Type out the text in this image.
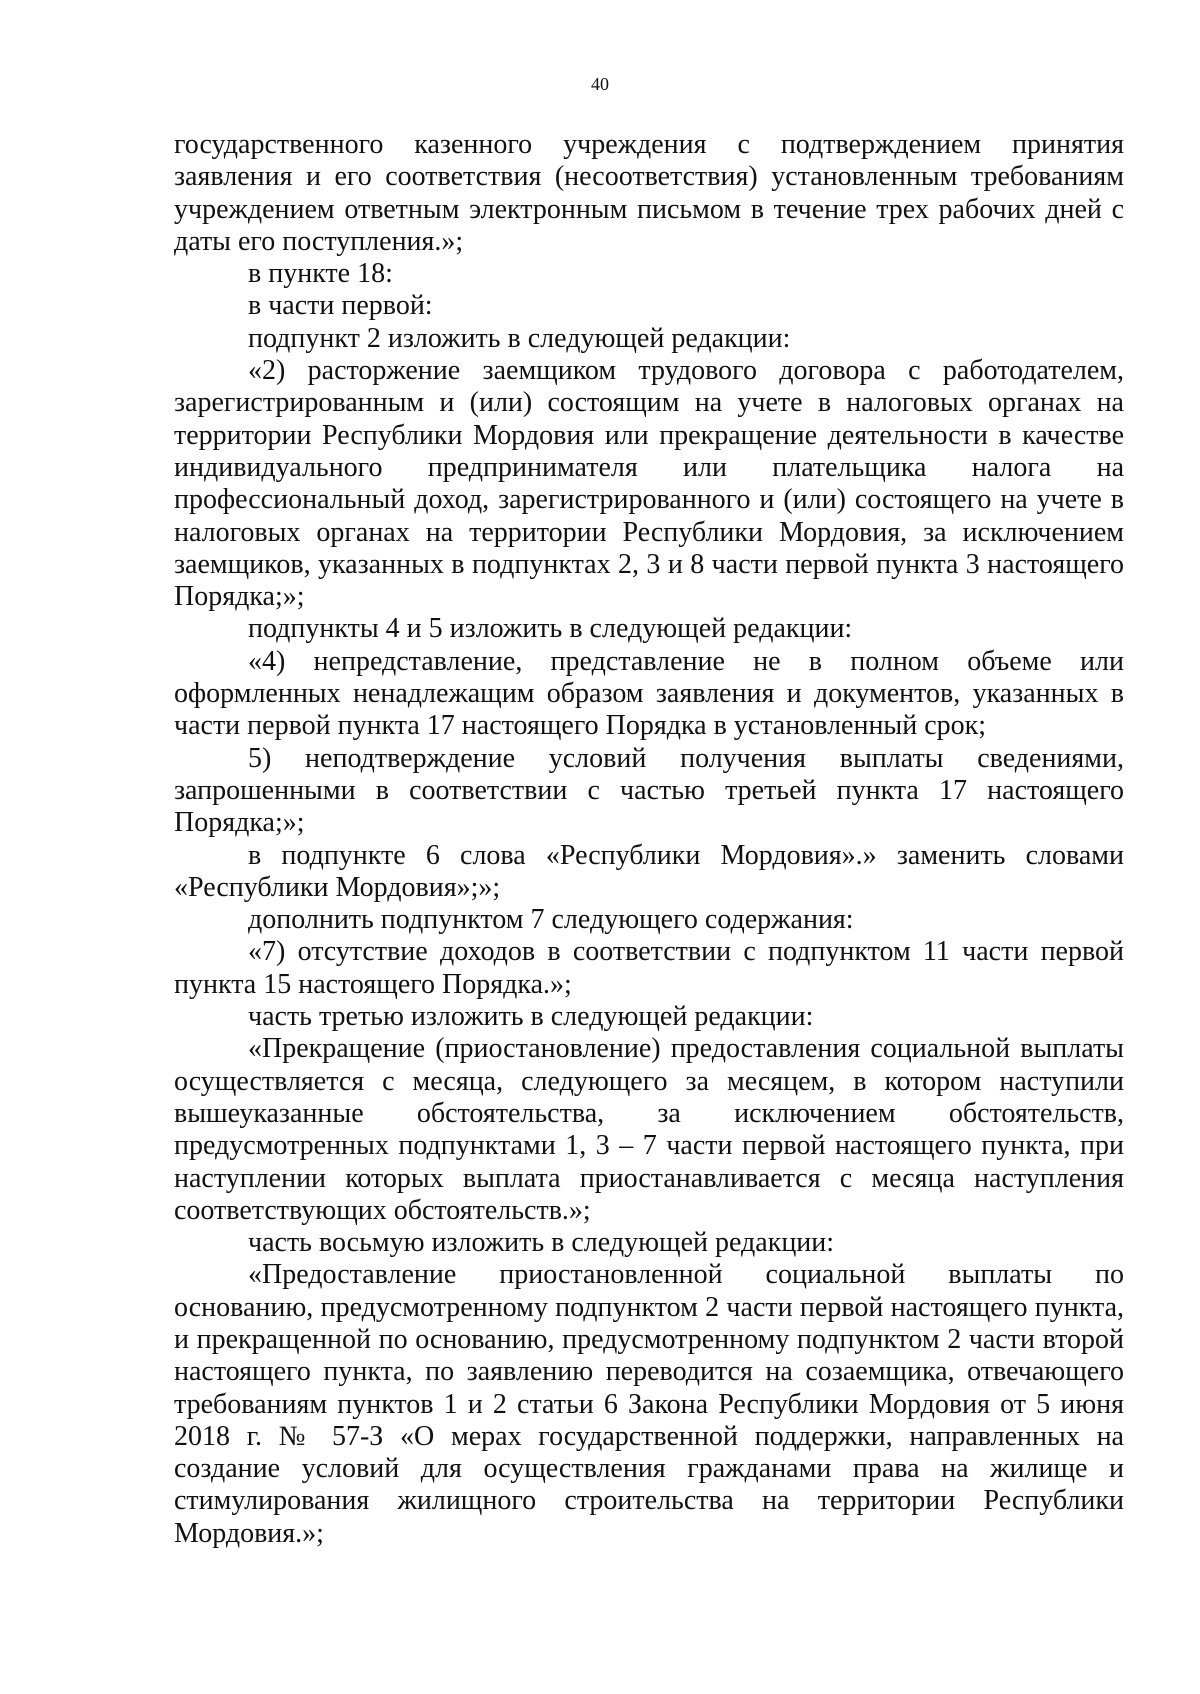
40

государственного казенного учреждения с подтверждением принятия заявления и его соответствия (несоответствия) установленным требованиям учреждением ответным электронным письмом в течение трех рабочих дней с даты его поступления.»;

в пункте 18:

в части первой:

подпункт 2 изложить в следующей редакции:

«2) расторжение заемщиком трудового договора с работодателем, зарегистрированным и (или) состоящим на учете в налоговых органах на территории Республики Мордовия или прекращение деятельности в качестве индивидуального предпринимателя или плательщика налога на профессиональный доход, зарегистрированного и (или) состоящего на учете в налоговых органах на территории Республики Мордовия, за исключением заемщиков, указанных в подпунктах 2, 3 и 8 части первой пункта 3 настоящего Порядка;»;

подпункты 4 и 5 изложить в следующей редакции:

«4) непредставление, представление не в полном объеме или оформленных ненадлежащим образом заявления и документов, указанных в части первой пункта 17 настоящего Порядка в установленный срок;

5) неподтверждение условий получения выплаты сведениями, запрошенными в соответствии с частью третьей пункта 17 настоящего Порядка;»;

в подпункте 6 слова «Республики Мордовия».» заменить словами «Республики Мордовия»;»;

дополнить подпунктом 7 следующего содержания:

«7) отсутствие доходов в соответствии с подпунктом 11 части первой пункта 15 настоящего Порядка.»;

часть третью изложить в следующей редакции:

«Прекращение (приостановление) предоставления социальной выплаты осуществляется с месяца, следующего за месяцем, в котором наступили вышеуказанные обстоятельства, за исключением обстоятельств, предусмотренных подпунктами 1, 3 – 7 части первой настоящего пункта, при наступлении которых выплата приостанавливается с месяца наступления соответствующих обстоятельств.»;

часть восьмую изложить в следующей редакции:

«Предоставление приостановленной социальной выплаты по основанию, предусмотренному подпунктом 2 части первой настоящего пункта, и прекращенной по основанию, предусмотренному подпунктом 2 части второй настоящего пункта, по заявлению переводится на созаемщика, отвечающего требованиям пунктов 1 и 2 статьи 6 Закона Республики Мордовия от 5 июня 2018 г. № 57-З «О мерах государственной поддержки, направленных на создание условий для осуществления гражданами права на жилище и стимулирования жилищного строительства на территории Республики Мордовия.»;
